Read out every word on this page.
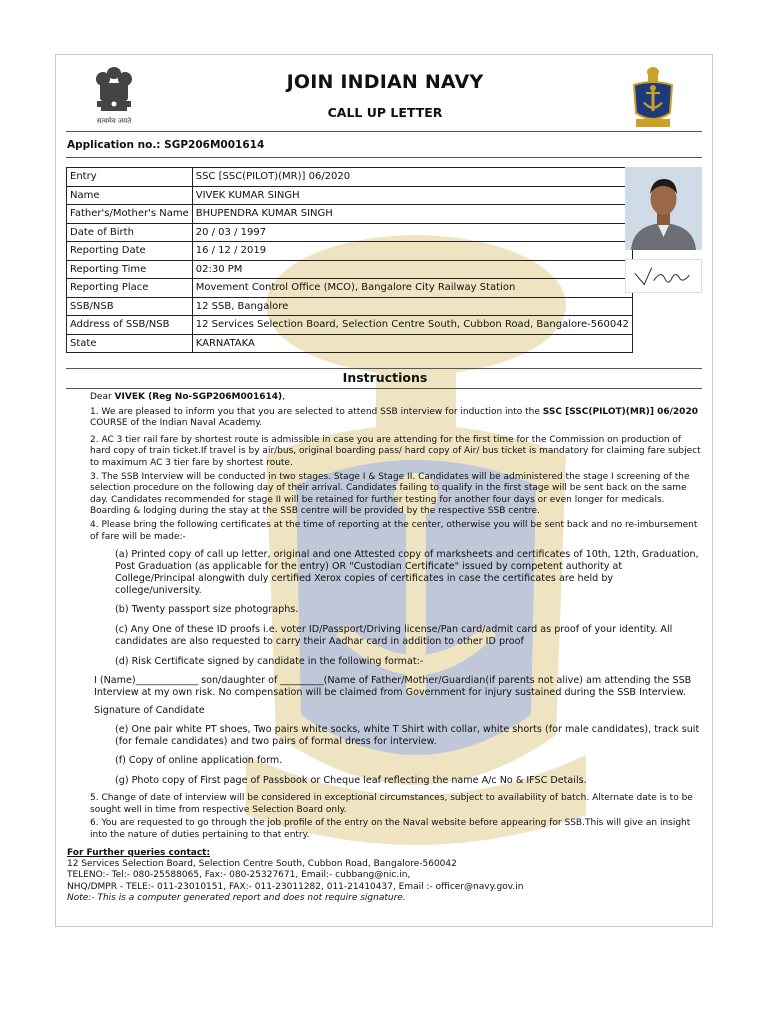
सत्यमेव जयते
JOIN INDIAN NAVY
CALL UP LETTER
Application no.: SGP206M001614
Entry	SSC [SSC(PILOT)(MR)] 06/2020
Name	VIVEK KUMAR SINGH
Father's/Mother's Name	BHUPENDRA KUMAR SINGH
Date of Birth	20 / 03 / 1997
Reporting Date	16 / 12 / 2019
Reporting Time	02:30 PM
Reporting Place	Movement Control Office (MCO), Bangalore City Railway Station
SSB/NSB	12 SSB, Bangalore
Address of SSB/NSB	12 Services Selection Board, Selection Centre South, Cubbon Road, Bangalore-560042
State	KARNATAKA
Instructions

Dear VIVEK (Reg No-SGP206M001614),

1. We are pleased to inform you that you are selected to attend SSB interview for induction into the SSC [SSC(PILOT)(MR)] 06/2020 COURSE of the Indian Naval Academy.

2. AC 3 tier rail fare by shortest route is admissible in case you are attending for the first time for the Commission on production of hard copy of train ticket.If travel is by air/bus, original boarding pass/ hard copy of Air/ bus ticket is mandatory for claiming fare subject to maximum AC 3 tier fare by shortest route.

3. The SSB Interview will be conducted in two stages. Stage I & Stage II. Candidates will be administered the stage I screening of the selection procedure on the following day of their arrival. Candidates failing to qualify in the first stage will be sent back on the same day. Candidates recommended for stage II will be retained for further testing for another four days or even longer for medicals. Boarding & lodging during the stay at the SSB centre will be provided by the respective SSB centre.

4. Please bring the following certificates at the time of reporting at the center, otherwise you will be sent back and no re-imbursement of fare will be made:-

(a) Printed copy of call up letter, original and one Attested copy of marksheets and certificates of 10th, 12th, Graduation, Post Graduation (as applicable for the entry) OR "Custodian Certificate" issued by competent authority at College/Principal alongwith duly certified Xerox copies of certificates in case the certificates are held by college/university.

(b) Twenty passport size photographs.

(c) Any One of these ID proofs i.e. voter ID/Passport/Driving license/Pan card/admit card as proof of your identity. All candidates are also requested to carry their Aadhar card in addition to other ID proof

(d) Risk Certificate signed by candidate in the following format:-

I (Name)_____________ son/daughter of _________(Name of Father/Mother/Guardian(if parents not alive) am attending the SSB Interview at my own risk. No compensation will be claimed from Government for injury sustained during the SSB Interview.

Signature of Candidate

(e) One pair white PT shoes, Two pairs white socks, white T Shirt with collar, white shorts (for male candidates), track suit (for female candidates) and two pairs of formal dress for interview.

(f) Copy of online application form.

(g) Photo copy of First page of Passbook or Cheque leaf reflecting the name A/c No & IFSC Details.

5. Change of date of interview will be considered in exceptional circumstances, subject to availability of batch. Alternate date is to be sought well in time from respective Selection Board only.

6. You are requested to go through the job profile of the entry on the Naval website before appearing for SSB.This will give an insight into the nature of duties pertaining to that entry.

For Further queries contact:
12 Services Selection Board, Selection Centre South, Cubbon Road, Bangalore-560042
TELENO:- Tel:- 080-25588065, Fax:- 080-25327671, Email:- cubbang@nic.in,
NHQ/DMPR - TELE:- 011-23010151, FAX:- 011-23011282, 011-21410437, Email :- officer@navy.gov.in
Note:- This is a computer generated report and does not require signature.
